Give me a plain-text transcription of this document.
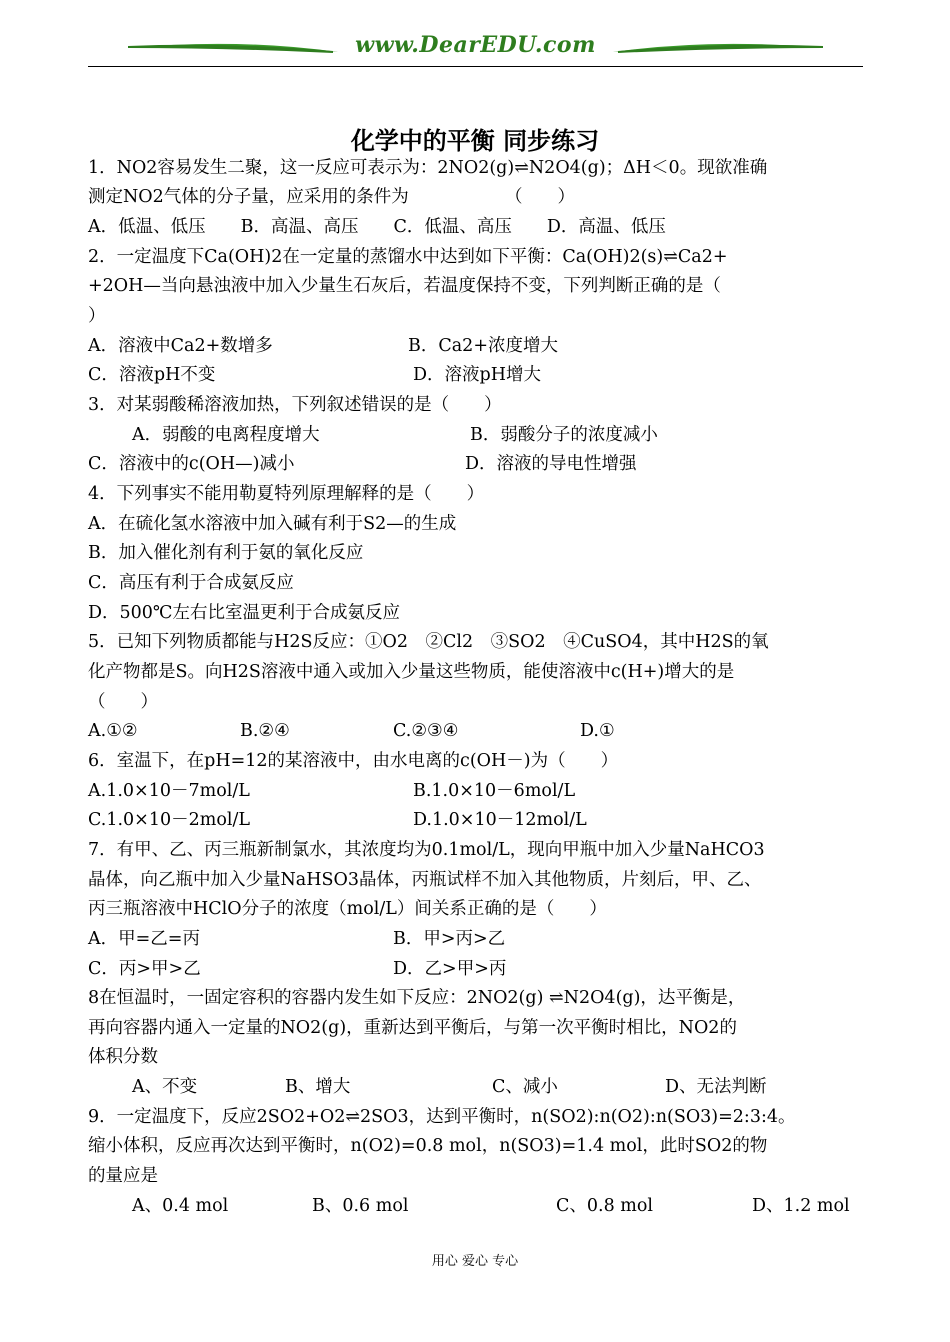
www.DearEDU.com
化学中的平衡 同步练习
1．NO2容易发生二聚，这一反应可表示为：2NO2(g)⇌N2O4(g)；ΔH＜0。现欲准确
测定NO2气体的分子量，应采用的条件为　　　　　　（　　）
A．低温、低压　　B．高温、高压　　C．低温、高压　　D．高温、低压
2．一定温度下Ca(OH)2在一定量的蒸馏水中达到如下平衡：Ca(OH)2(s)⇌Ca2+
+2OH—当向悬浊液中加入少量生石灰后，若温度保持不变，下列判断正确的是（
）
A．溶液中Ca2+数增多	B．Ca2+浓度增大
C．溶液pH不变	D．溶液pH增大
3．对某弱酸稀溶液加热，下列叙述错误的是（　　）
A．弱酸的电离程度增大	B．弱酸分子的浓度减小
C．溶液中的c(OH—)减小	D．溶液的导电性增强
4．下列事实不能用勒夏特列原理解释的是（　　）
A．在硫化氢水溶液中加入碱有利于S2—的生成
B．加入催化剂有利于氨的氧化反应
C．高压有利于合成氨反应
D．500℃左右比室温更利于合成氨反应
5．已知下列物质都能与H2S反应：①O2　②Cl2　③SO2　④CuSO4，其中H2S的氧
化产物都是S。向H2S溶液中通入或加入少量这些物质，能使溶液中c(H+)增大的是
（　　）
A.①②	B.②④	C.②③④	D.①
6．室温下，在pH=12的某溶液中，由水电离的c(OH－)为（　　）
A.1.0×10－7mol/L	B.1.0×10－6mol/L
C.1.0×10－2mol/L	D.1.0×10－12mol/L
7．有甲、乙、丙三瓶新制氯水，其浓度均为0.1mol/L，现向甲瓶中加入少量NaHCO3
晶体，向乙瓶中加入少量NaHSO3晶体，丙瓶试样不加入其他物质，片刻后，甲、乙、
丙三瓶溶液中HClO分子的浓度（mol/L）间关系正确的是（　　）
A．甲=乙=丙	B．甲>丙>乙
C．丙>甲>乙	D．乙>甲>丙
8在恒温时，一固定容积的容器内发生如下反应：2NO2(g) ⇌N2O4(g)，达平衡是，
再向容器内通入一定量的NO2(g)，重新达到平衡后，与第一次平衡时相比，NO2的
体积分数
A、不变	B、增大	C、减小	D、无法判断
9．一定温度下，反应2SO2+O2⇌2SO3，达到平衡时，n(SO2):n(O2):n(SO3)=2:3:4。
缩小体积，反应再次达到平衡时，n(O2)=0.8 mol，n(SO3)=1.4 mol，此时SO2的物
的量应是
A、0.4 mol	B、0.6 mol	C、0.8 mol	D、1.2 mol
用心 爱心 专心
